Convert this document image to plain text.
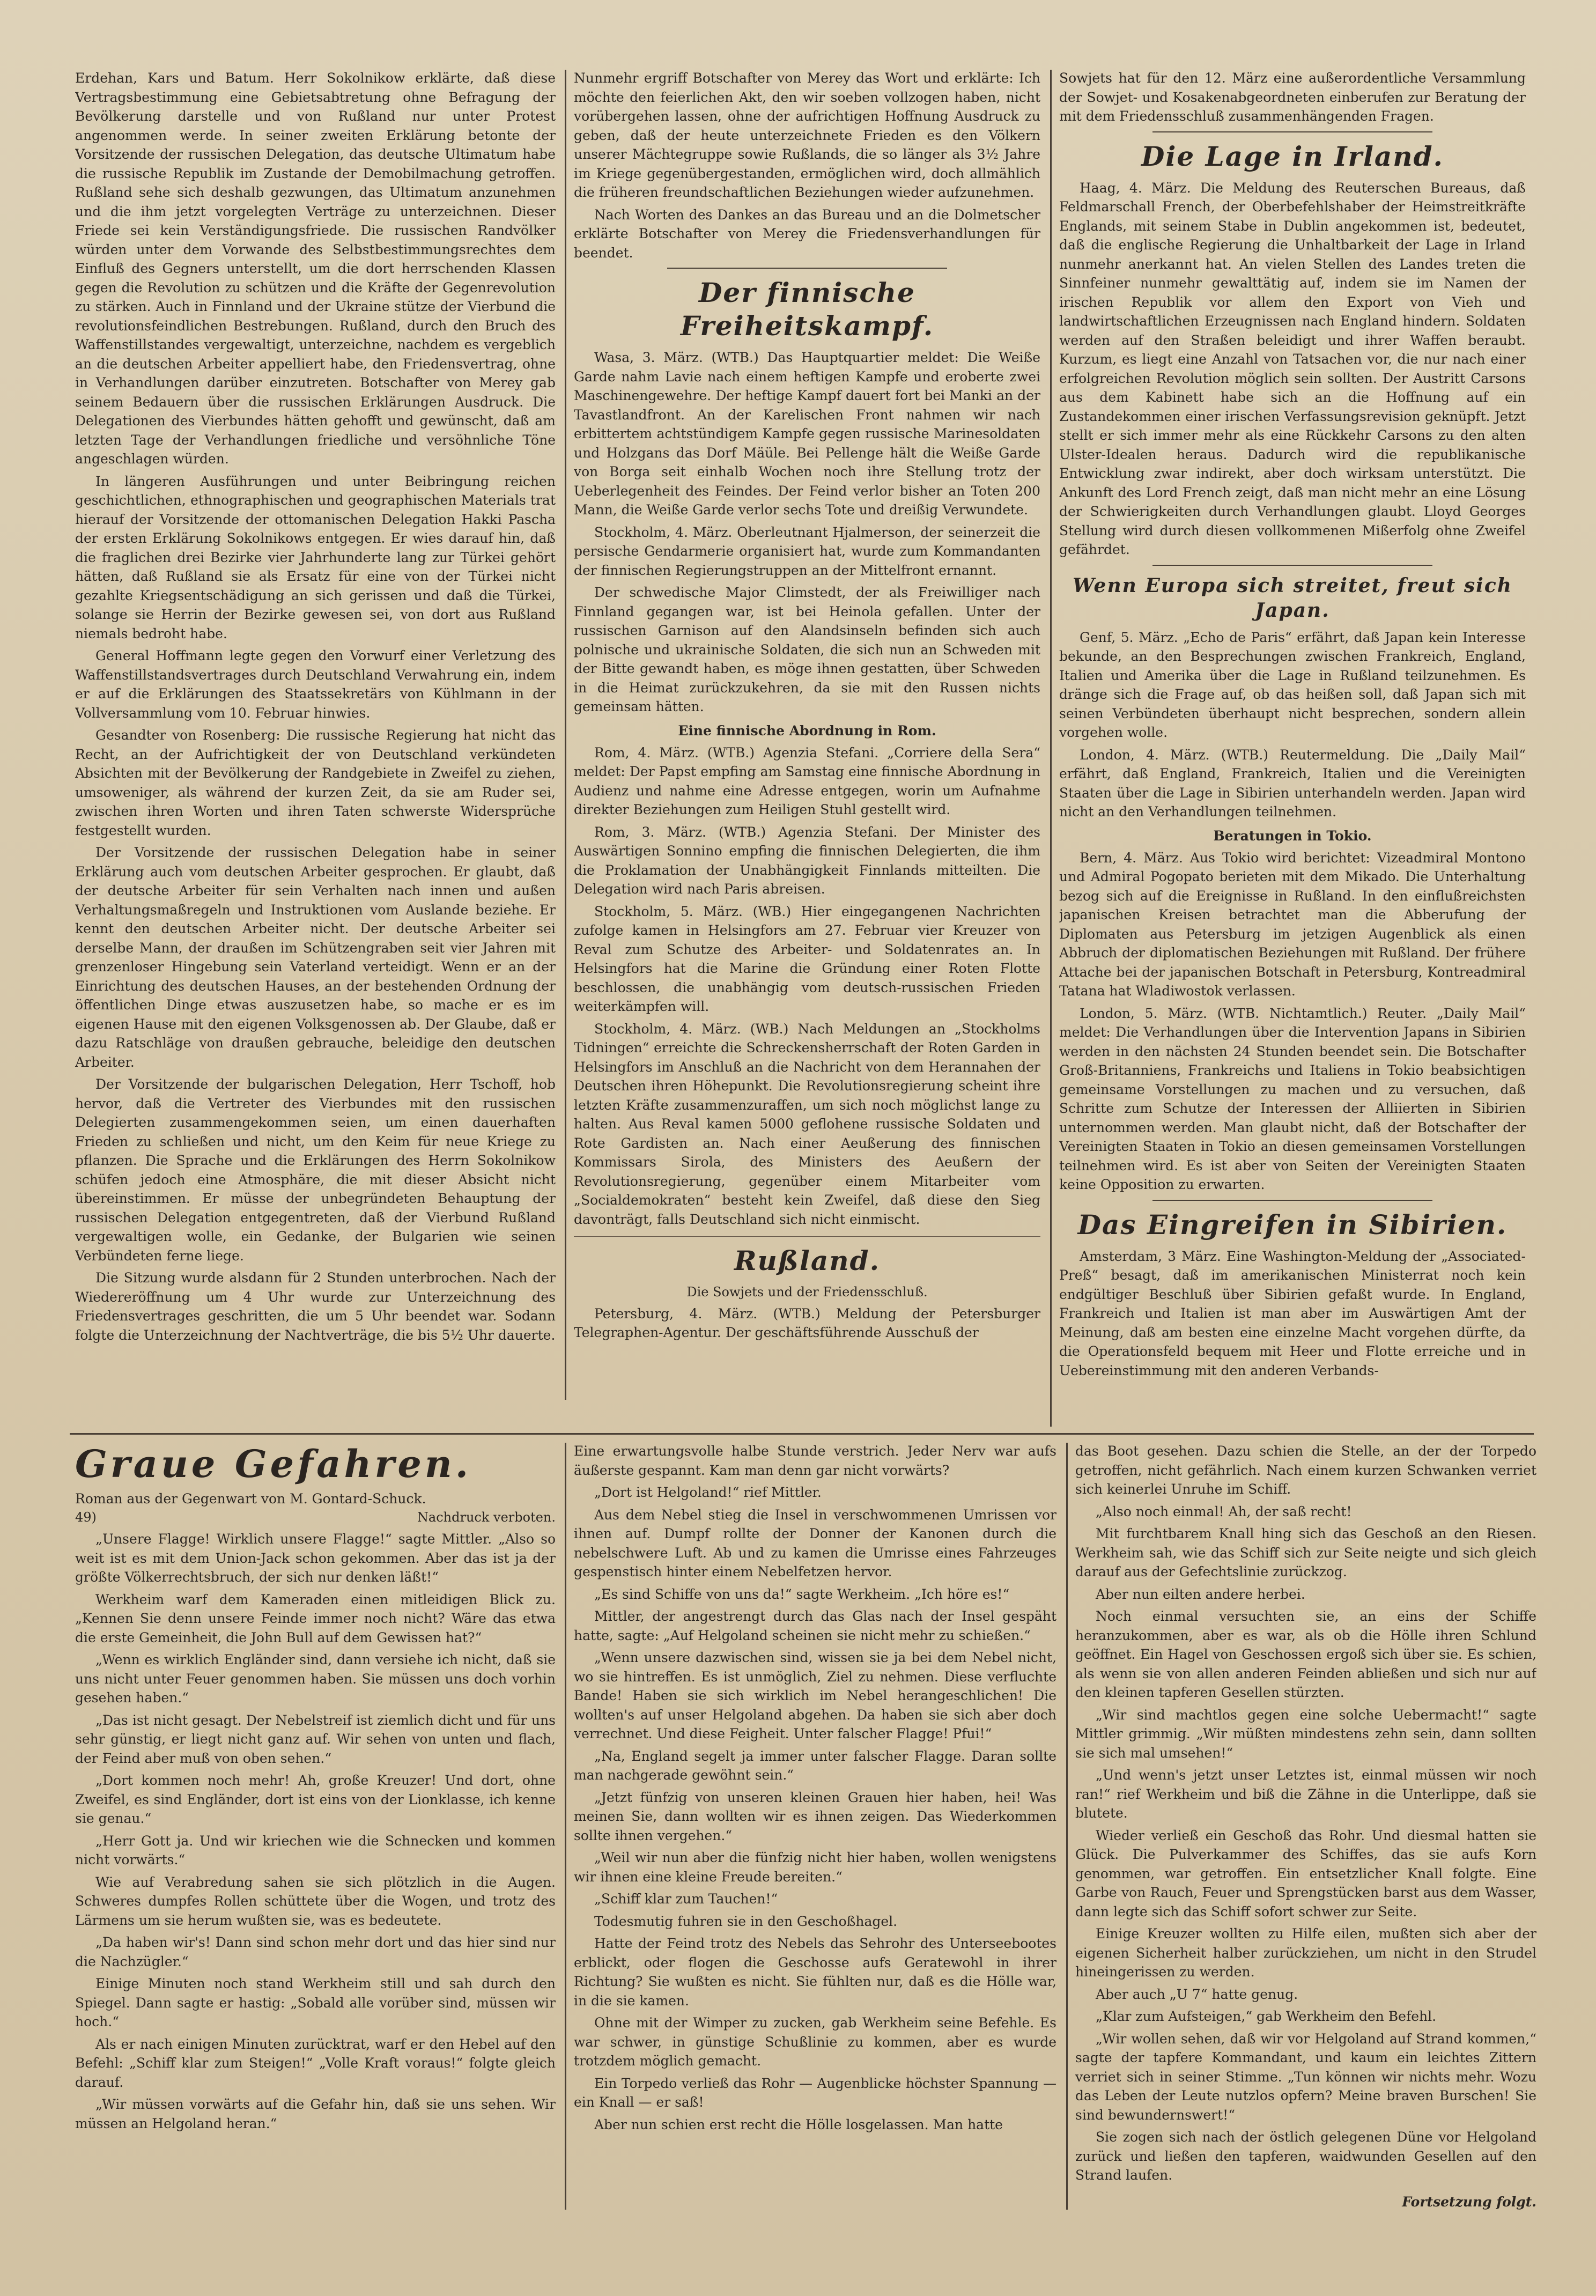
Erdehan, Kars und Batum. Herr Sokolnikow erklärte, daß diese Vertragsbestimmung eine Gebietsabtretung ohne Befragung der Bevölkerung darstelle und von Rußland nur unter Protest angenommen werde. In seiner zweiten Erklärung betonte der Vorsitzende der russischen Delegation, das deutsche Ultimatum habe die russische Republik im Zustande der Demobilmachung getroffen. Rußland sehe sich deshalb gezwungen, das Ultimatum anzunehmen und die ihm jetzt vorgelegten Verträge zu unterzeichnen. Dieser Friede sei kein Verständigungsfriede. Die russischen Randvölker würden unter dem Vorwande des Selbstbestimmungsrechtes dem Einfluß des Gegners unterstellt, um die dort herrschenden Klassen gegen die Revolution zu schützen und die Kräfte der Gegenrevolution zu stärken. Auch in Finnland und der Ukraine stütze der Vierbund die revolutionsfeindlichen Bestrebungen. Rußland, durch den Bruch des Waffenstillstandes vergewaltigt, unterzeichne, nachdem es vergeblich an die deutschen Arbeiter appelliert habe, den Friedensvertrag, ohne in Verhandlungen darüber einzutreten. Botschafter von Merey gab seinem Bedauern über die russischen Erklärungen Ausdruck. Die Delegationen des Vierbundes hätten gehofft und gewünscht, daß am letzten Tage der Verhandlungen friedliche und versöhnliche Töne angeschlagen würden.

In längeren Ausführungen und unter Beibringung reichen geschichtlichen, ethnographischen und geographischen Materials trat hierauf der Vorsitzende der ottomanischen Delegation Hakki Pascha der ersten Erklärung Sokolnikows entgegen. Er wies darauf hin, daß die fraglichen drei Bezirke vier Jahrhunderte lang zur Türkei gehört hätten, daß Rußland sie als Ersatz für eine von der Türkei nicht gezahlte Kriegsentschädigung an sich gerissen und daß die Türkei, solange sie Herrin der Bezirke gewesen sei, von dort aus Rußland niemals bedroht habe.

General Hoffmann legte gegen den Vorwurf einer Verletzung des Waffenstillstandsvertrages durch Deutschland Verwahrung ein, indem er auf die Erklärungen des Staatssekretärs von Kühlmann in der Vollversammlung vom 10. Februar hinwies.

Gesandter von Rosenberg: Die russische Regierung hat nicht das Recht, an der Aufrichtigkeit der von Deutschland verkündeten Absichten mit der Bevölkerung der Randgebiete in Zweifel zu ziehen, umsoweniger, als während der kurzen Zeit, da sie am Ruder sei, zwischen ihren Worten und ihren Taten schwerste Widersprüche festgestellt wurden.

Der Vorsitzende der russischen Delegation habe in seiner Erklärung auch vom deutschen Arbeiter gesprochen. Er glaubt, daß der deutsche Arbeiter für sein Verhalten nach innen und außen Verhaltungsmaßregeln und Instruktionen vom Auslande beziehe. Er kennt den deutschen Arbeiter nicht. Der deutsche Arbeiter sei derselbe Mann, der draußen im Schützengraben seit vier Jahren mit grenzenloser Hingebung sein Vaterland verteidigt. Wenn er an der Einrichtung des deutschen Hauses, an der bestehenden Ordnung der öffentlichen Dinge etwas auszusetzen habe, so mache er es im eigenen Hause mit den eigenen Volksgenossen ab. Der Glaube, daß er dazu Ratschläge von draußen gebrauche, beleidige den deutschen Arbeiter.

Der Vorsitzende der bulgarischen Delegation, Herr Tschoff, hob hervor, daß die Vertreter des Vierbundes mit den russischen Delegierten zusammengekommen seien, um einen dauerhaften Frieden zu schließen und nicht, um den Keim für neue Kriege zu pflanzen. Die Sprache und die Erklärungen des Herrn Sokolnikow schüfen jedoch eine Atmosphäre, die mit dieser Absicht nicht übereinstimmen. Er müsse der unbegründeten Behauptung der russischen Delegation entgegentreten, daß der Vierbund Rußland vergewaltigen wolle, ein Gedanke, der Bulgarien wie seinen Verbündeten ferne liege.

Die Sitzung wurde alsdann für 2 Stunden unterbrochen. Nach der Wiedereröffnung um 4 Uhr wurde zur Unterzeichnung des Friedensvertrages geschritten, die um 5 Uhr beendet war. Sodann folgte die Unterzeichnung der Nachtverträge, die bis 5½ Uhr dauerte.

Nunmehr ergriff Botschafter von Merey das Wort und erklärte: Ich möchte den feierlichen Akt, den wir soeben vollzogen haben, nicht vorübergehen lassen, ohne der aufrichtigen Hoffnung Ausdruck zu geben, daß der heute unterzeichnete Frieden es den Völkern unserer Mächtegruppe sowie Rußlands, die so länger als 3½ Jahre im Kriege gegenübergestanden, ermöglichen wird, doch allmählich die früheren freundschaftlichen Beziehungen wieder aufzunehmen.

Nach Worten des Dankes an das Bureau und an die Dolmetscher erklärte Botschafter von Merey die Friedensverhandlungen für beendet.

Der finnische Freiheitskampf.

Wasa, 3. März. (WTB.) Das Hauptquartier meldet: Die Weiße Garde nahm Lavie nach einem heftigen Kampfe und eroberte zwei Maschinengewehre. Der heftige Kampf dauert fort bei Manki an der Tavastlandfront. An der Karelischen Front nahmen wir nach erbittertem achtstündigem Kampfe gegen russische Marinesoldaten und Holzgans das Dorf Mäüle. Bei Pellenge hält die Weiße Garde von Borga seit einhalb Wochen noch ihre Stellung trotz der Ueberlegenheit des Feindes. Der Feind verlor bisher an Toten 200 Mann, die Weiße Garde verlor sechs Tote und dreißig Verwundete.

Stockholm, 4. März. Oberleutnant Hjalmerson, der seinerzeit die persische Gendarmerie organisiert hat, wurde zum Kommandanten der finnischen Regierungstruppen an der Mittelfront ernannt.

Der schwedische Major Climstedt, der als Freiwilliger nach Finnland gegangen war, ist bei Heinola gefallen. Unter der russischen Garnison auf den Alandsinseln befinden sich auch polnische und ukrainische Soldaten, die sich nun an Schweden mit der Bitte gewandt haben, es möge ihnen gestatten, über Schweden in die Heimat zurückzukehren, da sie mit den Russen nichts gemeinsam hätten.

Eine finnische Abordnung in Rom.

Rom, 4. März. (WTB.) Agenzia Stefani. „Corriere della Sera“ meldet: Der Papst empfing am Samstag eine finnische Abordnung in Audienz und nahme eine Adresse entgegen, worin um Aufnahme direkter Beziehungen zum Heiligen Stuhl gestellt wird.

Rom, 3. März. (WTB.) Agenzia Stefani. Der Minister des Auswärtigen Sonnino empfing die finnischen Delegierten, die ihm die Proklamation der Unabhängigkeit Finnlands mitteilten. Die Delegation wird nach Paris abreisen.

Stockholm, 5. März. (WB.) Hier eingegangenen Nachrichten zufolge kamen in Helsingfors am 27. Februar vier Kreuzer von Reval zum Schutze des Arbeiter- und Soldatenrates an. In Helsingfors hat die Marine die Gründung einer Roten Flotte beschlossen, die unabhängig vom deutsch-russischen Frieden weiterkämpfen will.

Stockholm, 4. März. (WB.) Nach Meldungen an „Stockholms Tidningen“ erreichte die Schreckensherrschaft der Roten Garden in Helsingfors im Anschluß an die Nachricht von dem Herannahen der Deutschen ihren Höhepunkt. Die Revolutionsregierung scheint ihre letzten Kräfte zusammenzuraffen, um sich noch möglichst lange zu halten. Aus Reval kamen 5000 geflohene russische Soldaten und Rote Gardisten an. Nach einer Aeußerung des finnischen Kommissars Sirola, des Ministers des Aeußern der Revolutionsregierung, gegenüber einem Mitarbeiter vom „Socialdemokraten“ besteht kein Zweifel, daß diese den Sieg davonträgt, falls Deutschland sich nicht einmischt.

Rußland.
Die Sowjets und der Friedensschluß.

Petersburg, 4. März. (WTB.) Meldung der Petersburger Telegraphen-Agentur. Der geschäftsführende Ausschuß der

Sowjets hat für den 12. März eine außerordentliche Versammlung der Sowjet- und Kosakenabgeordneten einberufen zur Beratung der mit dem Friedensschluß zusammenhängenden Fragen.

Die Lage in Irland.

Haag, 4. März. Die Meldung des Reuterschen Bureaus, daß Feldmarschall French, der Oberbefehlshaber der Heimstreitkräfte Englands, mit seinem Stabe in Dublin angekommen ist, bedeutet, daß die englische Regierung die Unhaltbarkeit der Lage in Irland nunmehr anerkannt hat. An vielen Stellen des Landes treten die Sinnfeiner nunmehr gewalttätig auf, indem sie im Namen der irischen Republik vor allem den Export von Vieh und landwirtschaftlichen Erzeugnissen nach England hindern. Soldaten werden auf den Straßen beleidigt und ihrer Waffen beraubt. Kurzum, es liegt eine Anzahl von Tatsachen vor, die nur nach einer erfolgreichen Revolution möglich sein sollten. Der Austritt Carsons aus dem Kabinett habe sich an die Hoffnung auf ein Zustandekommen einer irischen Verfassungsrevision geknüpft. Jetzt stellt er sich immer mehr als eine Rückkehr Carsons zu den alten Ulster-Idealen heraus. Dadurch wird die republikanische Entwicklung zwar indirekt, aber doch wirksam unterstützt. Die Ankunft des Lord French zeigt, daß man nicht mehr an eine Lösung der Schwierigkeiten durch Verhandlungen glaubt. Lloyd Georges Stellung wird durch diesen vollkommenen Mißerfolg ohne Zweifel gefährdet.

Wenn Europa sich streitet, freut sich Japan.

Genf, 5. März. „Echo de Paris“ erfährt, daß Japan kein Interesse bekunde, an den Besprechungen zwischen Frankreich, England, Italien und Amerika über die Lage in Rußland teilzunehmen. Es dränge sich die Frage auf, ob das heißen soll, daß Japan sich mit seinen Verbündeten überhaupt nicht besprechen, sondern allein vorgehen wolle.

London, 4. März. (WTB.) Reutermeldung. Die „Daily Mail“ erfährt, daß England, Frankreich, Italien und die Vereinigten Staaten über die Lage in Sibirien unterhandeln werden. Japan wird nicht an den Verhandlungen teilnehmen.

Beratungen in Tokio.

Bern, 4. März. Aus Tokio wird berichtet: Vizeadmiral Montono und Admiral Pogopato berieten mit dem Mikado. Die Unterhaltung bezog sich auf die Ereignisse in Rußland. In den einflußreichsten japanischen Kreisen betrachtet man die Abberufung der Diplomaten aus Petersburg im jetzigen Augenblick als einen Abbruch der diplomatischen Beziehungen mit Rußland. Der frühere Attache bei der japanischen Botschaft in Petersburg, Kontreadmiral Tatana hat Wladiwostok verlassen.

London, 5. März. (WTB. Nichtamtlich.) Reuter. „Daily Mail“ meldet: Die Verhandlungen über die Intervention Japans in Sibirien werden in den nächsten 24 Stunden beendet sein. Die Botschafter Groß-Britanniens, Frankreichs und Italiens in Tokio beabsichtigen gemeinsame Vorstellungen zu machen und zu versuchen, daß Schritte zum Schutze der Interessen der Alliierten in Sibirien unternommen werden. Man glaubt nicht, daß der Botschafter der Vereinigten Staaten in Tokio an diesen gemeinsamen Vorstellungen teilnehmen wird. Es ist aber von Seiten der Vereinigten Staaten keine Opposition zu erwarten.

Das Eingreifen in Sibirien.

Amsterdam, 3 März. Eine Washington-Meldung der „Associated-Preß“ besagt, daß im amerikanischen Ministerrat noch kein endgültiger Beschluß über Sibirien gefaßt wurde. In England, Frankreich und Italien ist man aber im Auswärtigen Amt der Meinung, daß am besten eine einzelne Macht vorgehen dürfte, da die Operationsfeld bequem mit Heer und Flotte erreiche und in Uebereinstimmung mit den anderen Verbands-

Graue Gefahren.
Roman aus der Gegenwart von M. Gontard-Schuck.
49)	Nachdruck verboten.

„Unsere Flagge! Wirklich unsere Flagge!“ sagte Mittler. „Also so weit ist es mit dem Union-Jack schon gekommen. Aber das ist ja der größte Völkerrechtsbruch, der sich nur denken läßt!“

Werkheim warf dem Kameraden einen mitleidigen Blick zu. „Kennen Sie denn unsere Feinde immer noch nicht? Wäre das etwa die erste Gemeinheit, die John Bull auf dem Gewissen hat?“

„Wenn es wirklich Engländer sind, dann versiehe ich nicht, daß sie uns nicht unter Feuer genommen haben. Sie müssen uns doch vorhin gesehen haben.“

„Das ist nicht gesagt. Der Nebelstreif ist ziemlich dicht und für uns sehr günstig, er liegt nicht ganz auf. Wir sehen von unten und flach, der Feind aber muß von oben sehen.“

„Dort kommen noch mehr! Ah, große Kreuzer! Und dort, ohne Zweifel, es sind Engländer, dort ist eins von der Lionklasse, ich kenne sie genau.“

„Herr Gott ja. Und wir kriechen wie die Schnecken und kommen nicht vorwärts.“

Wie auf Verabredung sahen sie sich plötzlich in die Augen. Schweres dumpfes Rollen schüttete über die Wogen, und trotz des Lärmens um sie herum wußten sie, was es bedeutete.

„Da haben wir's! Dann sind schon mehr dort und das hier sind nur die Nachzügler.“

Einige Minuten noch stand Werkheim still und sah durch den Spiegel. Dann sagte er hastig: „Sobald alle vorüber sind, müssen wir hoch.“

Als er nach einigen Minuten zurücktrat, warf er den Hebel auf den Befehl: „Schiff klar zum Steigen!“ „Volle Kraft voraus!“ folgte gleich darauf.

„Wir müssen vorwärts auf die Gefahr hin, daß sie uns sehen. Wir müssen an Helgoland heran.“

Eine erwartungsvolle halbe Stunde verstrich. Jeder Nerv war aufs äußerste gespannt. Kam man denn gar nicht vorwärts?

„Dort ist Helgoland!“ rief Mittler.

Aus dem Nebel stieg die Insel in verschwommenen Umrissen vor ihnen auf. Dumpf rollte der Donner der Kanonen durch die nebelschwere Luft. Ab und zu kamen die Umrisse eines Fahrzeuges gespenstisch hinter einem Nebelfetzen hervor.

„Es sind Schiffe von uns da!“ sagte Werkheim. „Ich höre es!“

Mittler, der angestrengt durch das Glas nach der Insel gespäht hatte, sagte: „Auf Helgoland scheinen sie nicht mehr zu schießen.“

„Wenn unsere dazwischen sind, wissen sie ja bei dem Nebel nicht, wo sie hintreffen. Es ist unmöglich, Ziel zu nehmen. Diese verfluchte Bande! Haben sie sich wirklich im Nebel herangeschlichen! Die wollten's auf unser Helgoland abgehen. Da haben sie sich aber doch verrechnet. Und diese Feigheit. Unter falscher Flagge! Pfui!“

„Na, England segelt ja immer unter falscher Flagge. Daran sollte man nachgerade gewöhnt sein.“

„Jetzt fünfzig von unseren kleinen Grauen hier haben, hei! Was meinen Sie, dann wollten wir es ihnen zeigen. Das Wiederkommen sollte ihnen vergehen.“

„Weil wir nun aber die fünfzig nicht hier haben, wollen wenigstens wir ihnen eine kleine Freude bereiten.“

„Schiff klar zum Tauchen!“

Todesmutig fuhren sie in den Geschoßhagel.

Hatte der Feind trotz des Nebels das Sehrohr des Unterseebootes erblickt, oder flogen die Geschosse aufs Geratewohl in ihrer Richtung? Sie wußten es nicht. Sie fühlten nur, daß es die Hölle war, in die sie kamen.

Ohne mit der Wimper zu zucken, gab Werkheim seine Befehle. Es war schwer, in günstige Schußlinie zu kommen, aber es wurde trotzdem möglich gemacht.

Ein Torpedo verließ das Rohr — Augenblicke höchster Spannung — ein Knall — er saß!

Aber nun schien erst recht die Hölle losgelassen. Man hatte

das Boot gesehen. Dazu schien die Stelle, an der der Torpedo getroffen, nicht gefährlich. Nach einem kurzen Schwanken verriet sich keinerlei Unruhe im Schiff.

„Also noch einmal! Ah, der saß recht!

Mit furchtbarem Knall hing sich das Geschoß an den Riesen. Werkheim sah, wie das Schiff sich zur Seite neigte und sich gleich darauf aus der Gefechtslinie zurückzog.

Aber nun eilten andere herbei.

Noch einmal versuchten sie, an eins der Schiffe heranzukommen, aber es war, als ob die Hölle ihren Schlund geöffnet. Ein Hagel von Geschossen ergoß sich über sie. Es schien, als wenn sie von allen anderen Feinden abließen und sich nur auf den kleinen tapferen Gesellen stürzten.

„Wir sind machtlos gegen eine solche Uebermacht!“ sagte Mittler grimmig. „Wir müßten mindestens zehn sein, dann sollten sie sich mal umsehen!“

„Und wenn's jetzt unser Letztes ist, einmal müssen wir noch ran!“ rief Werkheim und biß die Zähne in die Unterlippe, daß sie blutete.

Wieder verließ ein Geschoß das Rohr. Und diesmal hatten sie Glück. Die Pulverkammer des Schiffes, das sie aufs Korn genommen, war getroffen. Ein entsetzlicher Knall folgte. Eine Garbe von Rauch, Feuer und Sprengstücken barst aus dem Wasser, dann legte sich das Schiff sofort schwer zur Seite.

Einige Kreuzer wollten zu Hilfe eilen, mußten sich aber der eigenen Sicherheit halber zurückziehen, um nicht in den Strudel hineingerissen zu werden.

Aber auch „U 7“ hatte genug.

„Klar zum Aufsteigen,“ gab Werkheim den Befehl.

„Wir wollen sehen, daß wir vor Helgoland auf Strand kommen,“ sagte der tapfere Kommandant, und kaum ein leichtes Zittern verriet sich in seiner Stimme. „Tun können wir nichts mehr. Wozu das Leben der Leute nutzlos opfern? Meine braven Burschen! Sie sind bewundernswert!“

Sie zogen sich nach der östlich gelegenen Düne vor Helgoland zurück und ließen den tapferen, waidwunden Gesellen auf den Strand laufen.

Fortsetzung folgt.
